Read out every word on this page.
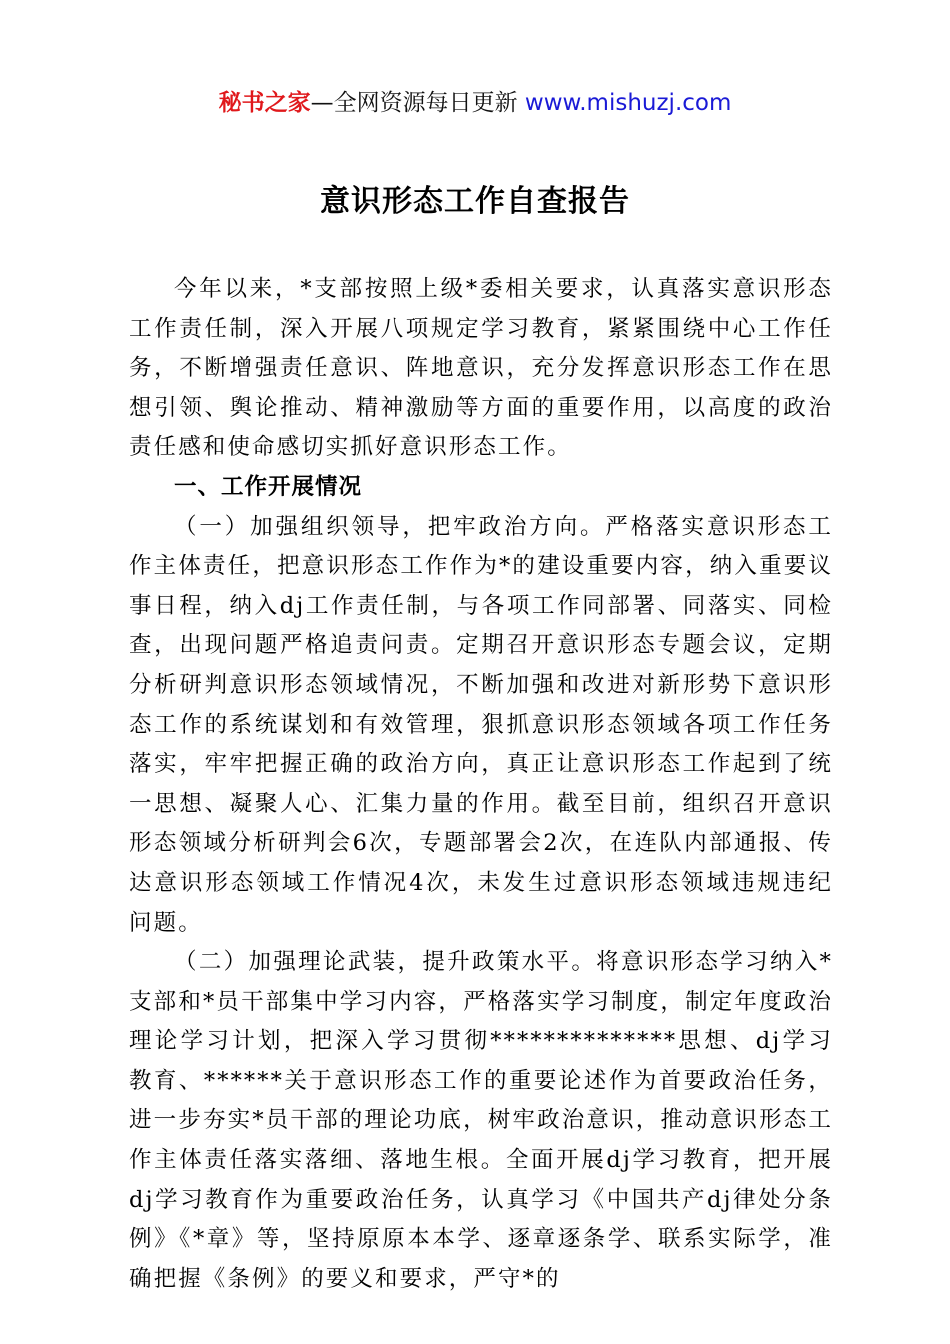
秘书之家—全网资源每日更新 www.mishuzj.com
意识形态工作自查报告

今年以来，*支部按照上级*委相关要求，认真落实意识形态工作责任制，深入开展八项规定学习教育，紧紧围绕中心工作任务，不断增强责任意识、阵地意识，充分发挥意识形态工作在思想引领、舆论推动、精神激励等方面的重要作用，以高度的政治责任感和使命感切实抓好意识形态工作。

一、工作开展情况

（一）加强组织领导，把牢政治方向。严格落实意识形态工作主体责任，把意识形态工作作为*的建设重要内容，纳入重要议事日程，纳入dj工作责任制，与各项工作同部署、同落实、同检查，出现问题严格追责问责。定期召开意识形态专题会议，定期分析研判意识形态领域情况，不断加强和改进对新形势下意识形态工作的系统谋划和有效管理，狠抓意识形态领域各项工作任务落实，牢牢把握正确的政治方向，真正让意识形态工作起到了统一思想、凝聚人心、汇集力量的作用。截至目前，组织召开意识形态领域分析研判会6次，专题部署会2次，在连队内部通报、传达意识形态领域工作情况4次，未发生过意识形态领域违规违纪问题。

（二）加强理论武装，提升政策水平。将意识形态学习纳入*支部和*员干部集中学习内容，严格落实学习制度，制定年度政治理论学习计划，把深入学习贯彻**************思想、dj学习教育、******关于意识形态工作的重要论述作为首要政治任务，进一步夯实*员干部的理论功底，树牢政治意识，推动意识形态工作主体责任落实落细、落地生根。全面开展dj学习教育，把开展dj学习教育作为重要政治任务，认真学习《中国共产dj律处分条例》《*章》等，坚持原原本本学、逐章逐条学、联系实际学，准确把握《条例》的要义和要求，严守*的
